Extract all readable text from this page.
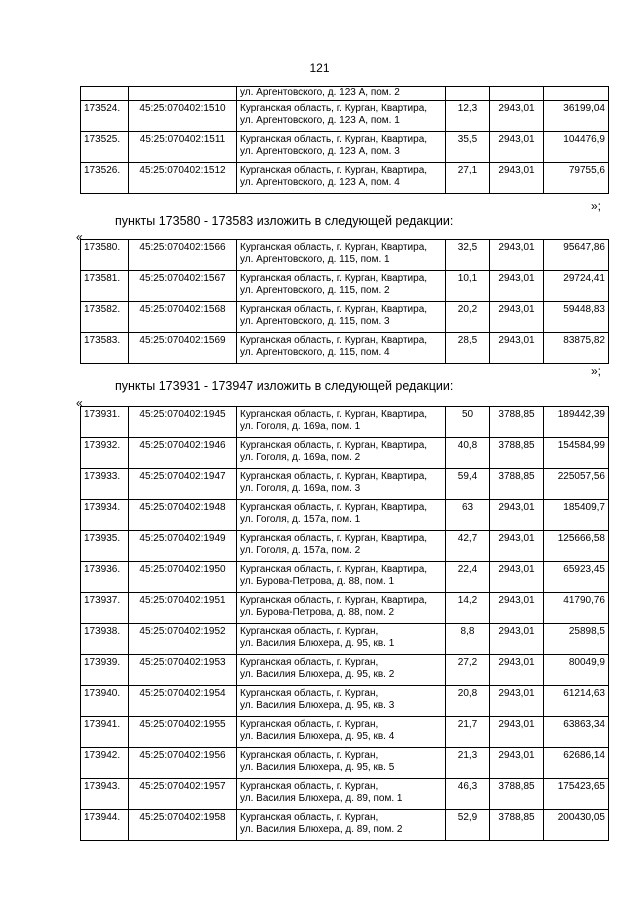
121

		ул. Аргентовского, д. 123 А, пом. 2			

173524.	45:25:070402:1510	Курганская область, г. Курган, Квартира,
ул. Аргентовского, д. 123 А, пом. 1	12,3	2943,01	36199,04
173525.	45:25:070402:1511	Курганская область, г. Курган, Квартира,
ул. Аргентовского, д. 123 А, пом. 3	35,5	2943,01	104476,9
173526.	45:25:070402:1512	Курганская область, г. Курган, Квартира,
ул. Аргентовского, д. 123 А, пом. 4	27,1	2943,01	79755,6
»;
пункты 173580 - 173583 изложить в следующей редакции:
«
173580.	45:25:070402:1566	Курганская область, г. Курган, Квартира,
ул. Аргентовского, д. 115, пом. 1	32,5	2943,01	95647,86
173581.	45:25:070402:1567	Курганская область, г. Курган, Квартира,
ул. Аргентовского, д. 115, пом. 2	10,1	2943,01	29724,41
173582.	45:25:070402:1568	Курганская область, г. Курган, Квартира,
ул. Аргентовского, д. 115, пом. 3	20,2	2943,01	59448,83
173583.	45:25:070402:1569	Курганская область, г. Курган, Квартира,
ул. Аргентовского, д. 115, пом. 4	28,5	2943,01	83875,82
»;
пункты 173931 - 173947 изложить в следующей редакции:
«
173931.	45:25:070402:1945	Курганская область, г. Курган, Квартира,
ул. Гоголя, д. 169а, пом. 1	50	3788,85	189442,39
173932.	45:25:070402:1946	Курганская область, г. Курган, Квартира,
ул. Гоголя, д. 169а, пом. 2	40,8	3788,85	154584,99
173933.	45:25:070402:1947	Курганская область, г. Курган, Квартира,
ул. Гоголя, д. 169а, пом. 3	59,4	3788,85	225057,56
173934.	45:25:070402:1948	Курганская область, г. Курган, Квартира,
ул. Гоголя, д. 157а, пом. 1	63	2943,01	185409,7
173935.	45:25:070402:1949	Курганская область, г. Курган, Квартира,
ул. Гоголя, д. 157а, пом. 2	42,7	2943,01	125666,58
173936.	45:25:070402:1950	Курганская область, г. Курган, Квартира,
ул. Бурова-Петрова, д. 88, пом. 1	22,4	2943,01	65923,45
173937.	45:25:070402:1951	Курганская область, г. Курган, Квартира,
ул. Бурова-Петрова, д. 88, пом. 2	14,2	2943,01	41790,76
173938.	45:25:070402:1952	Курганская область, г. Курган,
ул. Василия Блюхера, д. 95, кв. 1	8,8	2943,01	25898,5
173939.	45:25:070402:1953	Курганская область, г. Курган,
ул. Василия Блюхера, д. 95, кв. 2	27,2	2943,01	80049,9
173940.	45:25:070402:1954	Курганская область, г. Курган,
ул. Василия Блюхера, д. 95, кв. 3	20,8	2943,01	61214,63
173941.	45:25:070402:1955	Курганская область, г. Курган,
ул. Василия Блюхера, д. 95, кв. 4	21,7	2943,01	63863,34
173942.	45:25:070402:1956	Курганская область, г. Курган,
ул. Василия Блюхера, д. 95, кв. 5	21,3	2943,01	62686,14
173943.	45:25:070402:1957	Курганская область, г. Курган,
ул. Василия Блюхера, д. 89, пом. 1	46,3	3788,85	175423,65
173944.	45:25:070402:1958	Курганская область, г. Курган,
ул. Василия Блюхера, д. 89, пом. 2	52,9	3788,85	200430,05
